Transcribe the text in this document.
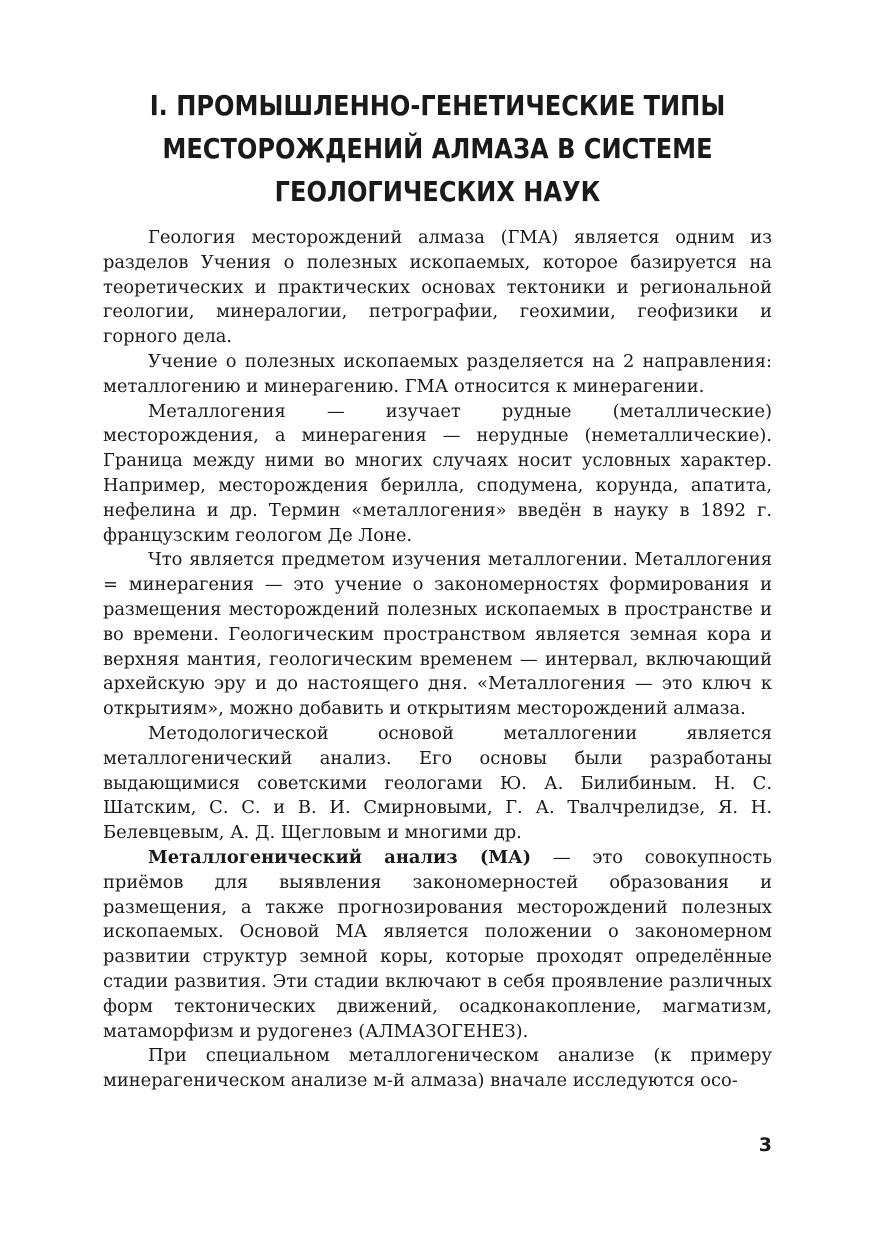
I. ПРОМЫШЛЕННО-ГЕНЕТИЧЕСКИЕ ТИПЫ
МЕСТОРОЖДЕНИЙ АЛМАЗА В СИСТЕМЕ
ГЕОЛОГИЧЕСКИХ НАУК

Геология месторождений алмаза (ГМА) является одним из разделов Учения о полезных ископаемых, которое базируется на теоретических и практических основах тектоники и региональной геологии, минералогии, петрографии, геохимии, геофизики и горного дела.

Учение о полезных ископаемых разделяется на 2 направления: металлогению и минерагению. ГМА относится к минерагении.

Металлогения — изучает рудные (металлические) месторождения, а минерагения — нерудные (неметаллические). Граница между ними во многих случаях носит условных характер. Например, месторождения берилла, сподумена, корунда, апатита, нефелина и др. Термин «металлогения» введён в науку в 1892 г. французским геологом Де Лоне.

Что является предметом изучения металлогении. Металлогения = минерагения — это учение о закономерностях формирования и размещения месторождений полезных ископаемых в пространстве и во времени. Геологическим пространством является земная кора и верхняя мантия, геологическим временем — интервал, включающий архейскую эру и до настоящего дня. «Металлогения — это ключ к открытиям», можно добавить и открытиям месторождений алмаза.

Методологической основой металлогении является металлогенический анализ. Его основы были разработаны выдающимися советскими геологами Ю. А. Билибиным. Н. С. Шатским, С. С. и В. И. Смирновыми, Г. А. Твалчрелидзе, Я. Н. Белевцевым, А. Д. Щегловым и многими др.

Металлогенический анализ (МА) — это совокупность приёмов для выявления закономерностей образования и размещения, а также прогнозирования месторождений полезных ископаемых. Основой МА является положении о закономерном развитии структур земной коры, которые проходят определённые стадии развития. Эти стадии включают в себя проявление различных форм тектонических движений, осадконакопление, магматизм, матаморфизм и рудогенез (АЛМАЗОГЕНЕЗ).

При специальном металлогеническом анализе (к примеру минерагеническом анализе м-й алмаза) вначале исследуются осо-

3
